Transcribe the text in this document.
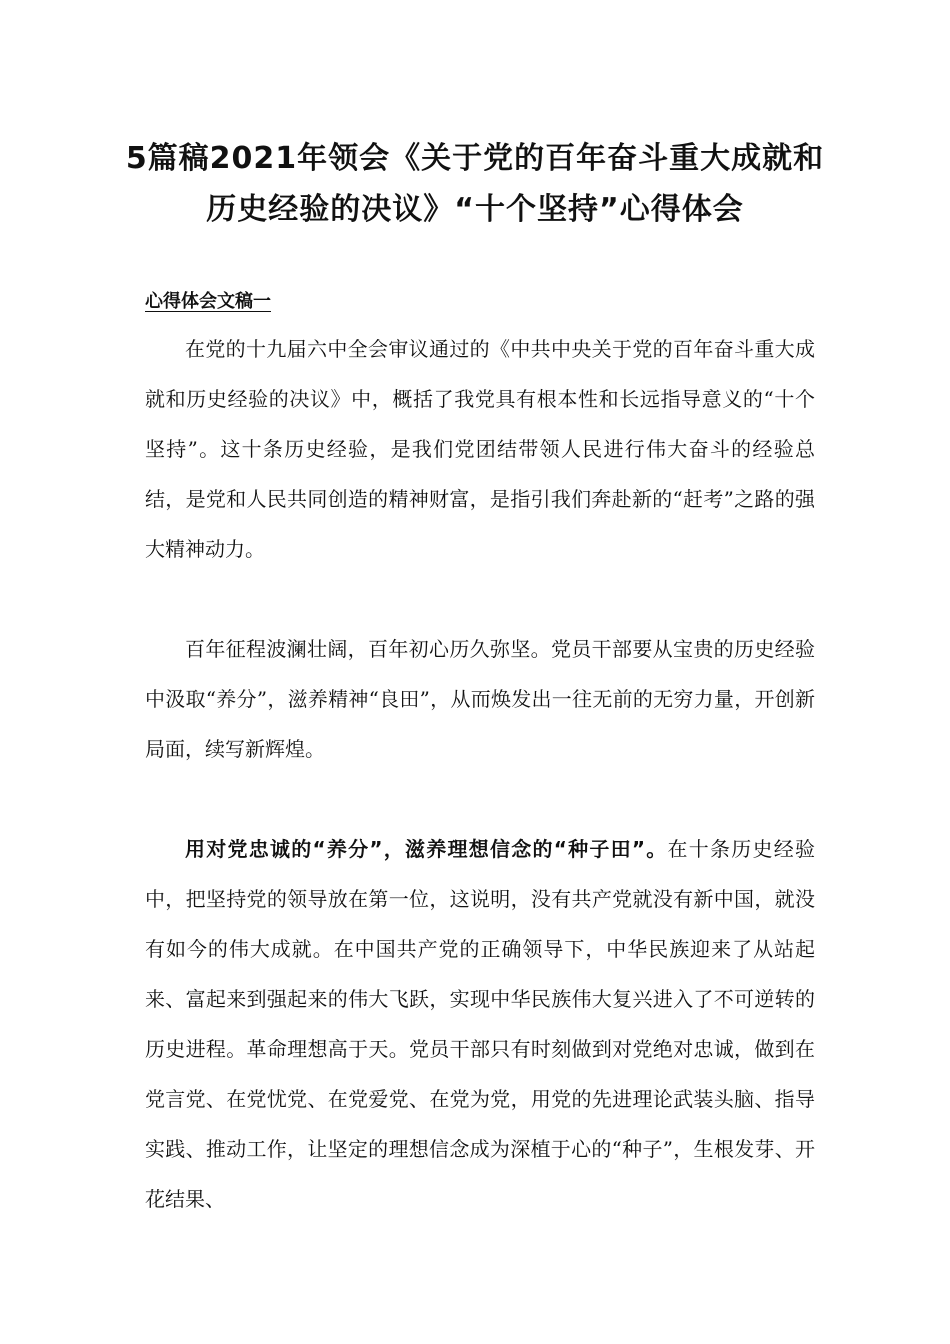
5篇稿2021年领会《关于党的百年奋斗重大成就和
历史经验的决议》“十个坚持”心得体会
心得体会文稿一
在党的十九届六中全会审议通过的《中共中央关于党的百年奋斗重大成就和历史经验的决议》中，概括了我党具有根本性和长远指导意义的“十个坚持”。这十条历史经验，是我们党团结带领人民进行伟大奋斗的经验总结，是党和人民共同创造的精神财富，是指引我们奔赴新的“赶考”之路的强大精神动力。
百年征程波澜壮阔，百年初心历久弥坚。党员干部要从宝贵的历史经验中汲取“养分”，滋养精神“良田”，从而焕发出一往无前的无穷力量，开创新局面，续写新辉煌。
用对党忠诚的“养分”，滋养理想信念的“种子田”。在十条历史经验中，把坚持党的领导放在第一位，这说明，没有共产党就没有新中国，就没有如今的伟大成就。在中国共产党的正确领导下，中华民族迎来了从站起来、富起来到强起来的伟大飞跃，实现中华民族伟大复兴进入了不可逆转的历史进程。革命理想高于天。党员干部只有时刻做到对党绝对忠诚，做到在党言党、在党忧党、在党爱党、在党为党，用党的先进理论武装头脑、指导实践、推动工作，让坚定的理想信念成为深植于心的“种子”，生根发芽、开花结果、
